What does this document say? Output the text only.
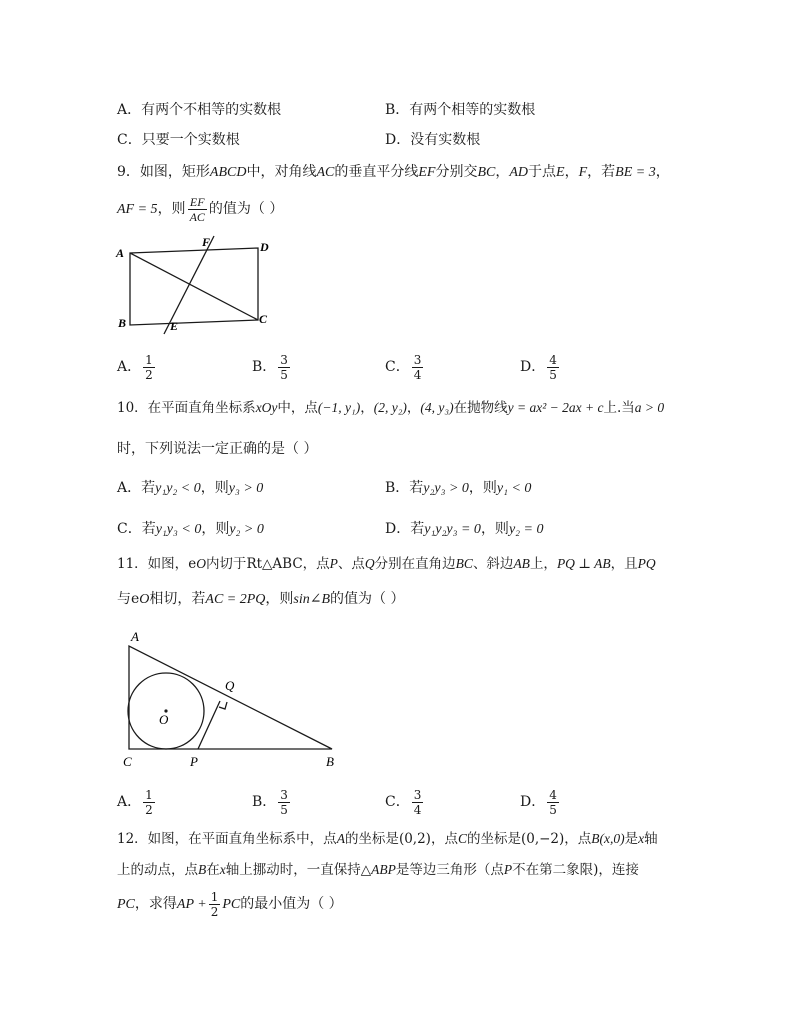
A．有两个不相等的实数根	B．有两个相等的实数根
C．只要一个实数根	D．没有实数根
9．如图，矩形ABCD中，对角线AC的垂直平分线EF分别交BC，AD于点E，F，若BE = 3，
AF = 5，则 $\frac{EF}{AC}$ 的值为（ ）
A
B	C
D
E
F
A． $\frac{1}{2}$	B． $\frac{3}{5}$	C． $\frac{3}{4}$	D． $\frac{4}{5}$
10．在平面直角坐标系xOy中，点(−1, y₁)，(2, y₂)，(4, y₃)在抛物线y = ax² − 2ax + c上.当a > 0
时，下列说法一定正确的是（ ）
A．若y₁y₂ < 0，则y₃ > 0	B．若y₂y₃ > 0，则y₁ < 0
C．若y₁y₃ < 0，则y₂ > 0	D．若y₁y₂y₃ = 0，则y₂ = 0
11．如图，eO内切于Rt△ABC，点P、点Q分别在直角边BC、斜边AB上，PQ ⊥ AB，且PQ
与eO相切，若AC = 2PQ，则sin∠B的值为（ ）
A
C	B
O
P
Q
A． $\frac{1}{2}$	B． $\frac{3}{5}$	C． $\frac{3}{4}$	D． $\frac{4}{5}$
12．如图，在平面直角坐标系中，点A的坐标是(0,2)，点C的坐标是(0,−2)，点B(x,0)是x轴
上的动点，点B在x轴上挪动时，一直保持△ABP是等边三角形（点P不在第二象限)，连接
PC，求得AP + $\frac{1}{2}$ PC的最小值为（ ）
